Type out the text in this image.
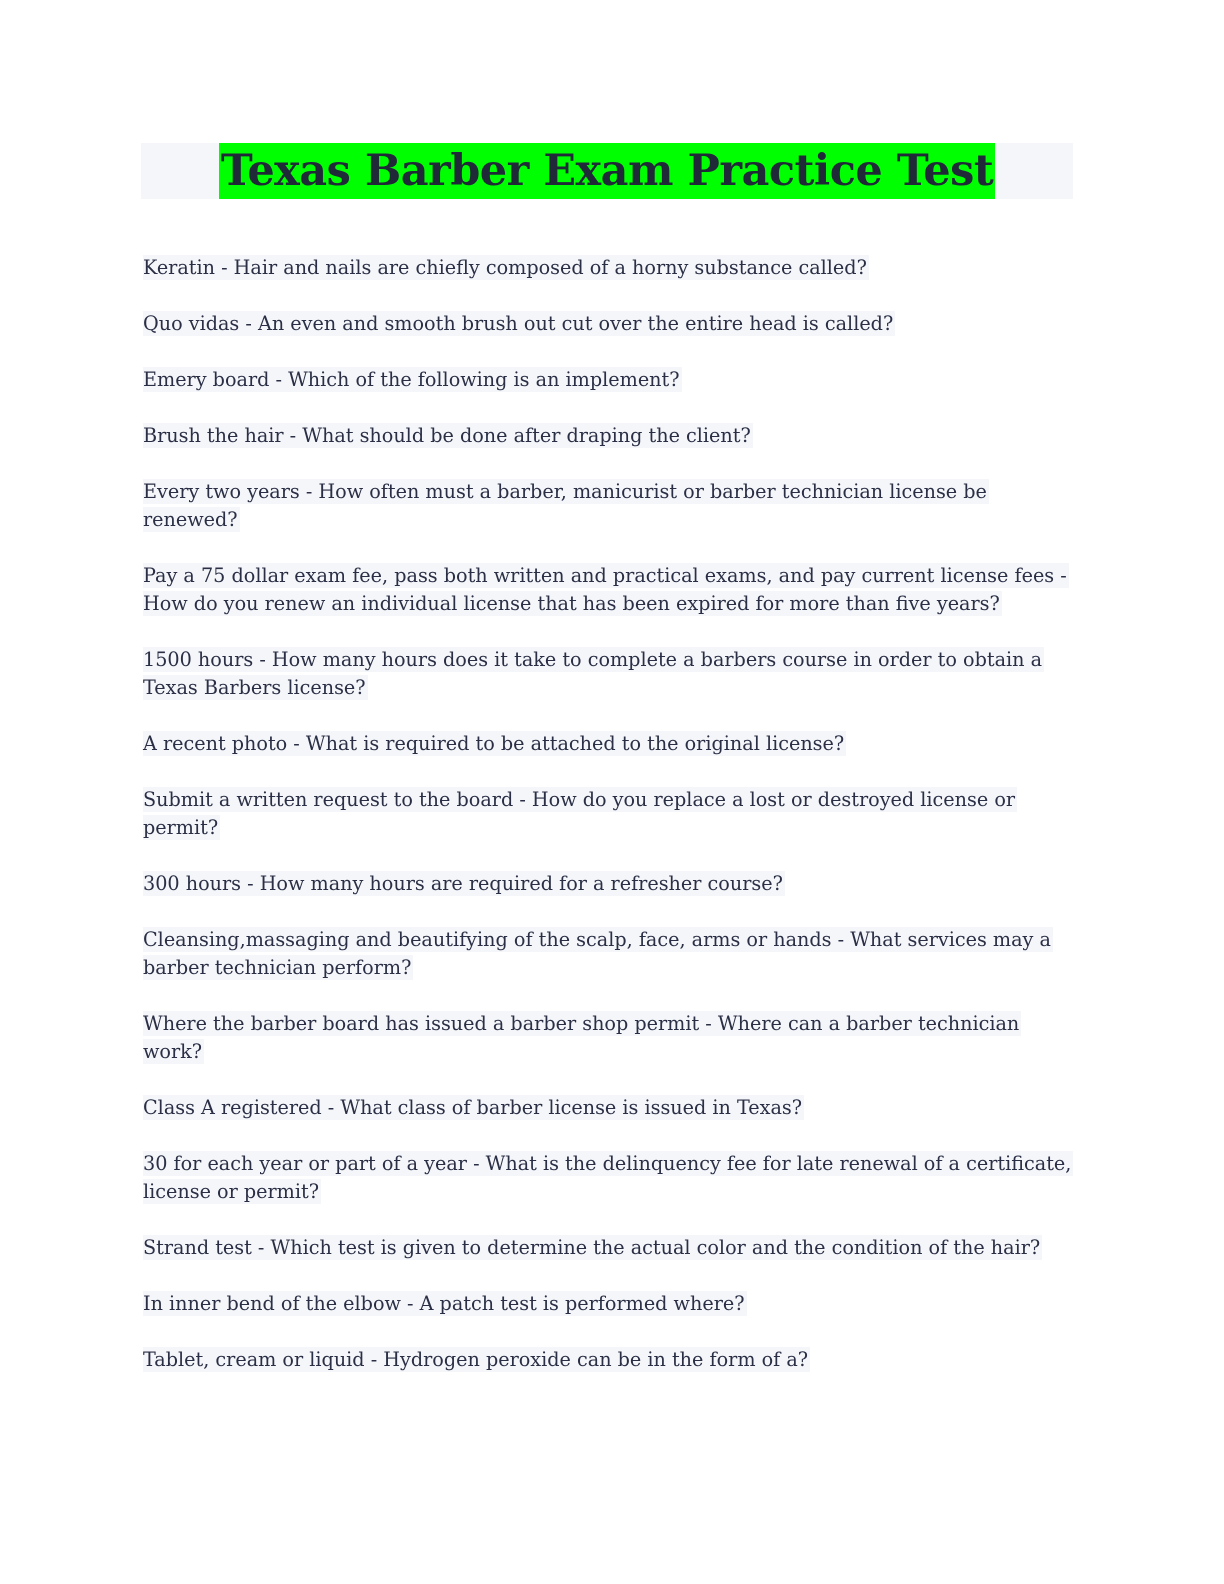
Texas Barber Exam Practice Test
Keratin - Hair and nails are chiefly composed of a horny substance called?
Quo vidas - An even and smooth brush out cut over the entire head is called?
Emery board - Which of the following is an implement?
Brush the hair - What should be done after draping the client?
Every two years - How often must a barber, manicurist or barber technician license be renewed?
Pay a 75 dollar exam fee, pass both written and practical exams, and pay current license fees - How do you renew an individual license that has been expired for more than five years?
1500 hours - How many hours does it take to complete a barbers course in order to obtain a Texas Barbers license?
A recent photo - What is required to be attached to the original license?
Submit a written request to the board - How do you replace a lost or destroyed license or permit?
300 hours - How many hours are required for a refresher course?
Cleansing,massaging and beautifying of the scalp, face, arms or hands - What services may a barber technician perform?
Where the barber board has issued a barber shop permit - Where can a barber technician work?
Class A registered - What class of barber license is issued in Texas?
30 for each year or part of a year - What is the delinquency fee for late renewal of a certificate, license or permit?
Strand test - Which test is given to determine the actual color and the condition of the hair?
In inner bend of the elbow - A patch test is performed where?
Tablet, cream or liquid - Hydrogen peroxide can be in the form of a?
